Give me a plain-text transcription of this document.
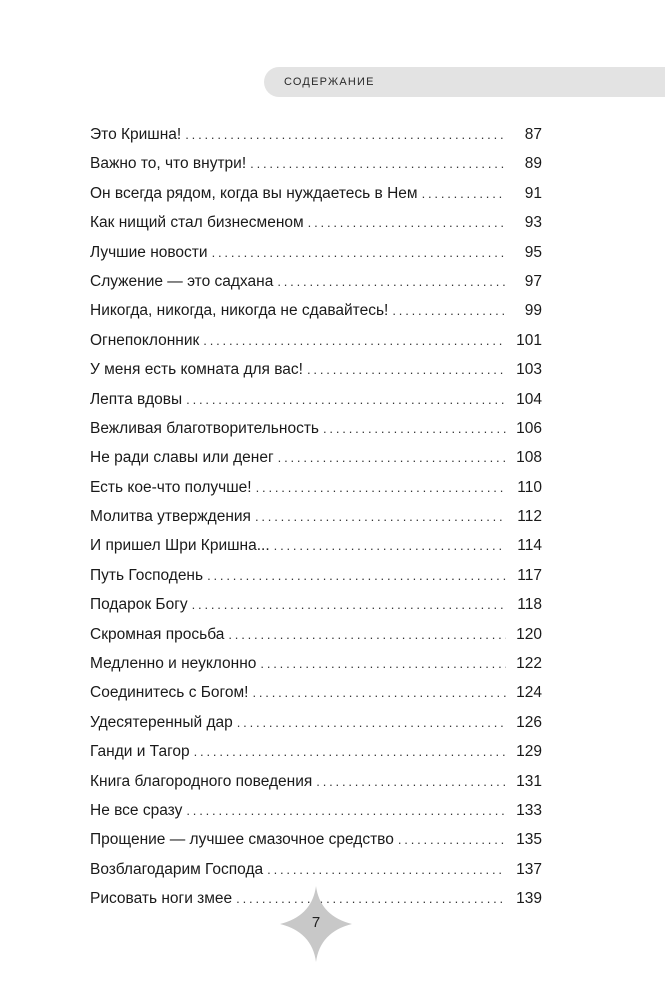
СОДЕРЖАНИЕ
Это Кришна! . . .	87
Важно то, что внутри! . . .	89
Он всегда рядом, когда вы нуждаетесь в Нем . . .	91
Как нищий стал бизнесменом . . .	93
Лучшие новости . . .	95
Служение — это садхана . . .	97
Никогда, никогда, никогда не сдавайтесь! . . .	99
Огнепоклонник . . .	101
У меня есть комната для вас! . . .	103
Лепта вдовы . . .	104
Вежливая благотворительность . . .	106
Не ради славы или денег . . .	108
Есть кое-что получше! . . .	110
Молитва утверждения . . .	112
И пришел Шри Кришна... . . .	114
Путь Господень . . .	117
Подарок Богу . . .	118
Скромная просьба . . .	120
Медленно и неуклонно . . .	122
Соединитесь с Богом! . . .	124
Удесятеренный дар . . .	126
Ганди и Тагор . . .	129
Книга благородного поведения . . .	131
Не все сразу . . .	133
Прощение — лучшее смазочное средство . . .	135
Возблагодарим Господа . . .	137
Рисовать ноги змее . . .	139
7
